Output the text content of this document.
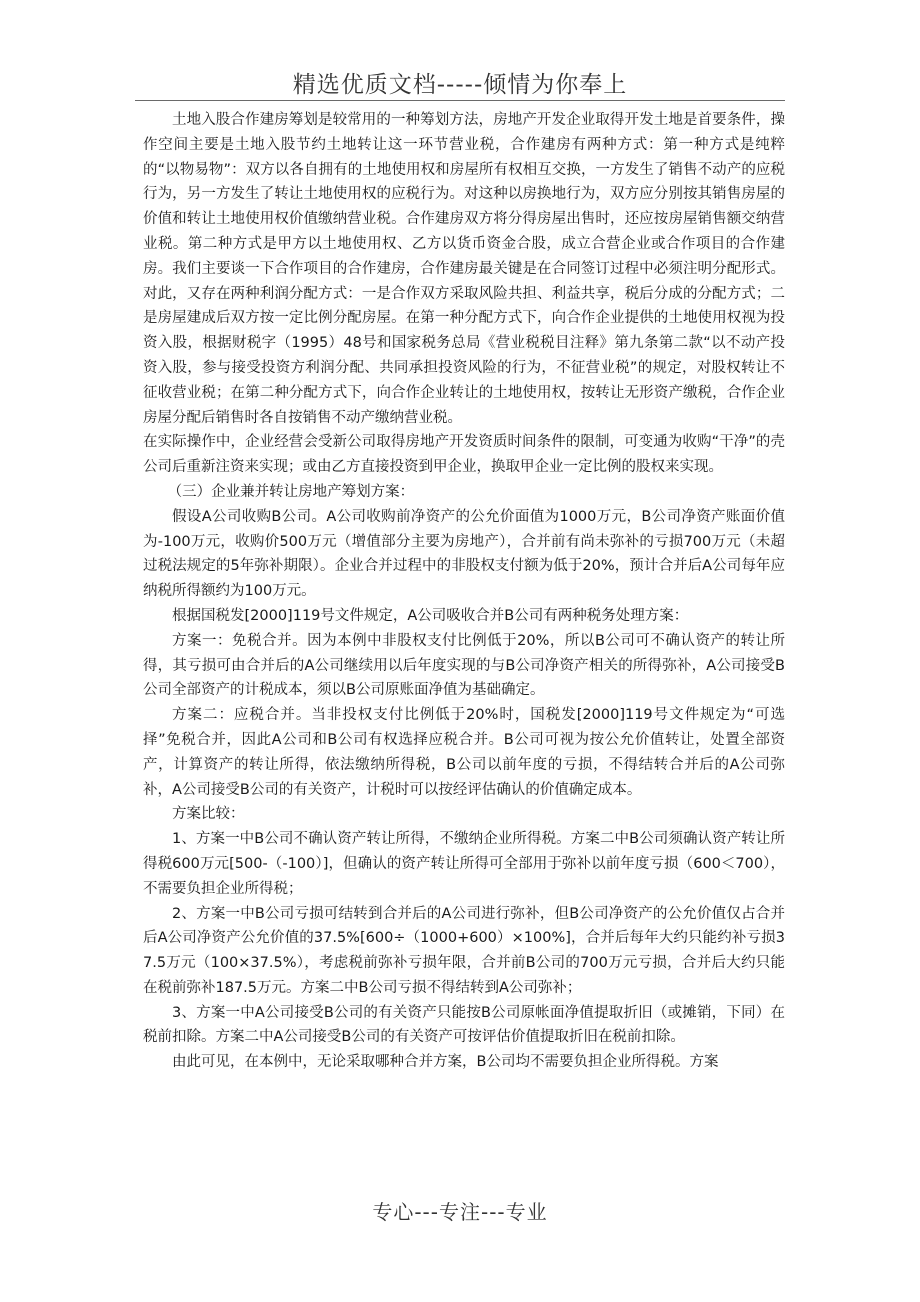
精选优质文档-----倾情为你奉上

土地入股合作建房筹划是较常用的一种筹划方法，房地产开发企业取得开发土地是首要条件，操作空间主要是土地入股节约土地转让这一环节营业税，合作建房有两种方式：第一种方式是纯粹的“以物易物”：双方以各自拥有的土地使用权和房屋所有权相互交换，一方发生了销售不动产的应税行为，另一方发生了转让土地使用权的应税行为。对这种以房换地行为，双方应分别按其销售房屋的价值和转让土地使用权价值缴纳营业税。合作建房双方将分得房屋出售时，还应按房屋销售额交纳营业税。第二种方式是甲方以土地使用权、乙方以货币资金合股，成立合营企业或合作项目的合作建房。我们主要谈一下合作项目的合作建房，合作建房最关键是在合同签订过程中必须注明分配形式。对此，又存在两种利润分配方式：一是合作双方采取风险共担、利益共享，税后分成的分配方式；二是房屋建成后双方按一定比例分配房屋。在第一种分配方式下，向合作企业提供的土地使用权视为投资入股，根据财税字（1995）48号和国家税务总局《营业税税目注释》第九条第二款“以不动产投资入股，参与接受投资方利润分配、共同承担投资风险的行为，不征营业税”的规定，对股权转让不征收营业税；在第二种分配方式下，向合作企业转让的土地使用权，按转让无形资产缴税，合作企业房屋分配后销售时各自按销售不动产缴纳营业税。

在实际操作中，企业经营会受新公司取得房地产开发资质时间条件的限制，可变通为收购“干净”的壳公司后重新注资来实现；或由乙方直接投资到甲企业，换取甲企业一定比例的股权来实现。

（三）企业兼并转让房地产筹划方案：

假设A公司收购B公司。A公司收购前净资产的公允价面值为1000万元，B公司净资产账面价值为-100万元，收购价500万元（增值部分主要为房地产），合并前有尚未弥补的亏损700万元（未超过税法规定的5年弥补期限）。企业合并过程中的非股权支付额为低于20%，预计合并后A公司每年应纳税所得额约为100万元。

根据国税发[2000]119号文件规定，A公司吸收合并B公司有两种税务处理方案：

方案一：免税合并。因为本例中非股权支付比例低于20%，所以B公司可不确认资产的转让所得，其亏损可由合并后的A公司继续用以后年度实现的与B公司净资产相关的所得弥补，A公司接受B公司全部资产的计税成本，须以B公司原账面净值为基础确定。

方案二：应税合并。当非投权支付比例低于20%时，国税发[2000]119号文件规定为“可选择”免税合并，因此A公司和B公司有权选择应税合并。B公司可视为按公允价值转让，处置全部资产，计算资产的转让所得，依法缴纳所得税，B公司以前年度的亏损，不得结转合并后的A公司弥补，A公司接受B公司的有关资产，计税时可以按经评估确认的价值确定成本。

方案比较：

1、方案一中B公司不确认资产转让所得，不缴纳企业所得税。方案二中B公司须确认资产转让所得税600万元[500-（-100）]，但确认的资产转让所得可全部用于弥补以前年度亏损（600＜700），不需要负担企业所得税；

2、方案一中B公司亏损可结转到合并后的A公司进行弥补，但B公司净资产的公允价值仅占合并后A公司净资产公允价值的37.5%[600÷（1000+600）×100%]，合并后每年大约只能约补亏损37.5万元（100×37.5%），考虑税前弥补亏损年限，合并前B公司的700万元亏损，合并后大约只能在税前弥补187.5万元。方案二中B公司亏损不得结转到A公司弥补；

3、方案一中A公司接受B公司的有关资产只能按B公司原帐面净值提取折旧（或摊销，下同）在税前扣除。方案二中A公司接受B公司的有关资产可按评估价值提取折旧在税前扣除。

由此可见，在本例中，无论采取哪种合并方案，B公司均不需要负担企业所得税。方案

专心---专注---专业
